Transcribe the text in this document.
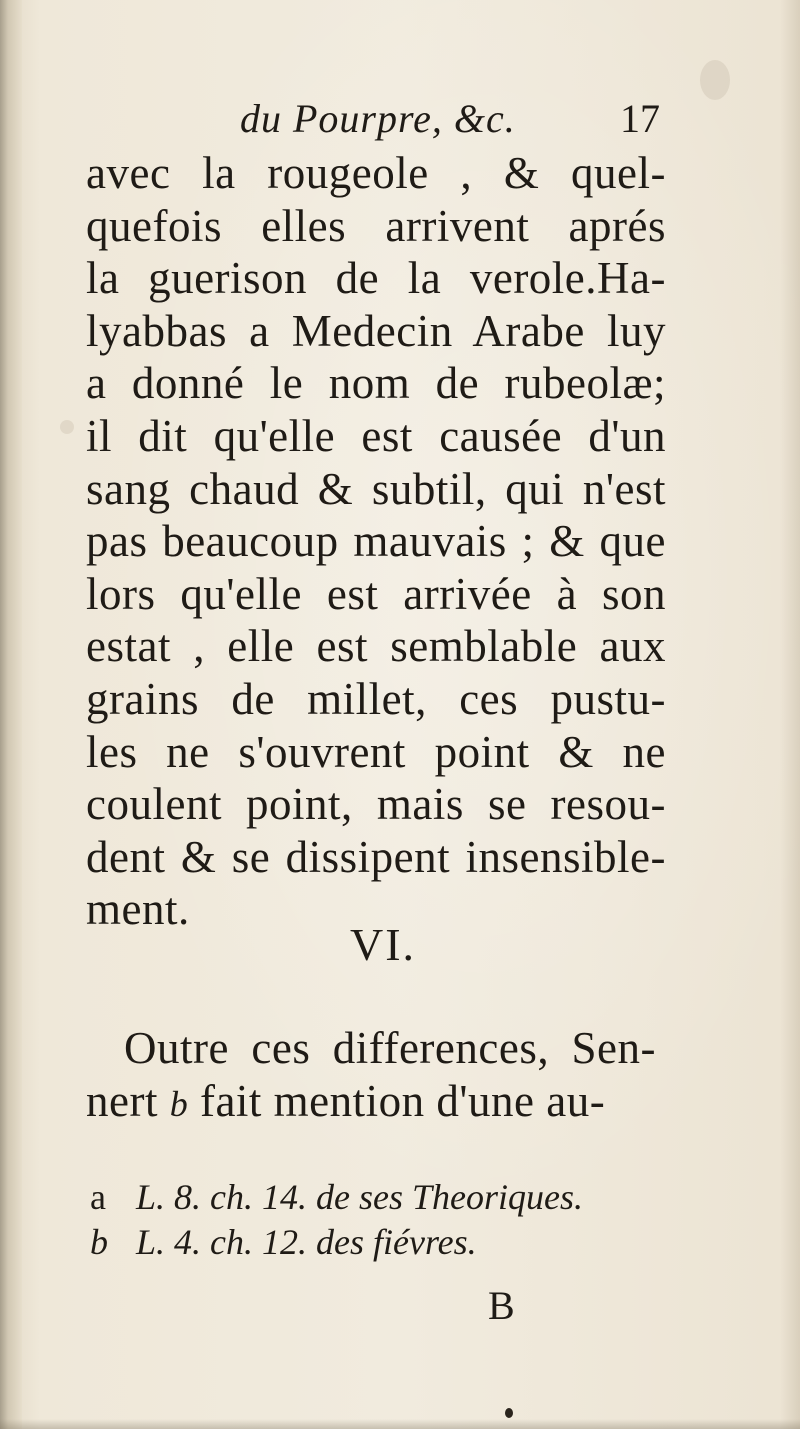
du Pourpre, &c.	17
avec la rougeole , & quel-
quefois elles arrivent aprés
la guerison de la verole.Ha-
lyabbas a Medecin Arabe luy
a donné le nom de rubeolæ;
il dit qu'elle est causée d'un
sang chaud & subtil, qui n'est
pas beaucoup mauvais ; & que
lors qu'elle est arrivée à son
estat , elle est semblable aux
grains de millet, ces pustu-
les ne s'ouvrent point & ne
coulent point, mais se resou-
dent & se dissipent insensible-
ment.
VI.
Outre ces differences, Sen-
nert b fait mention d'une au-
a L. 8. ch. 14. de ses Theoriques.
b L. 4. ch. 12. des fiévres.
B
